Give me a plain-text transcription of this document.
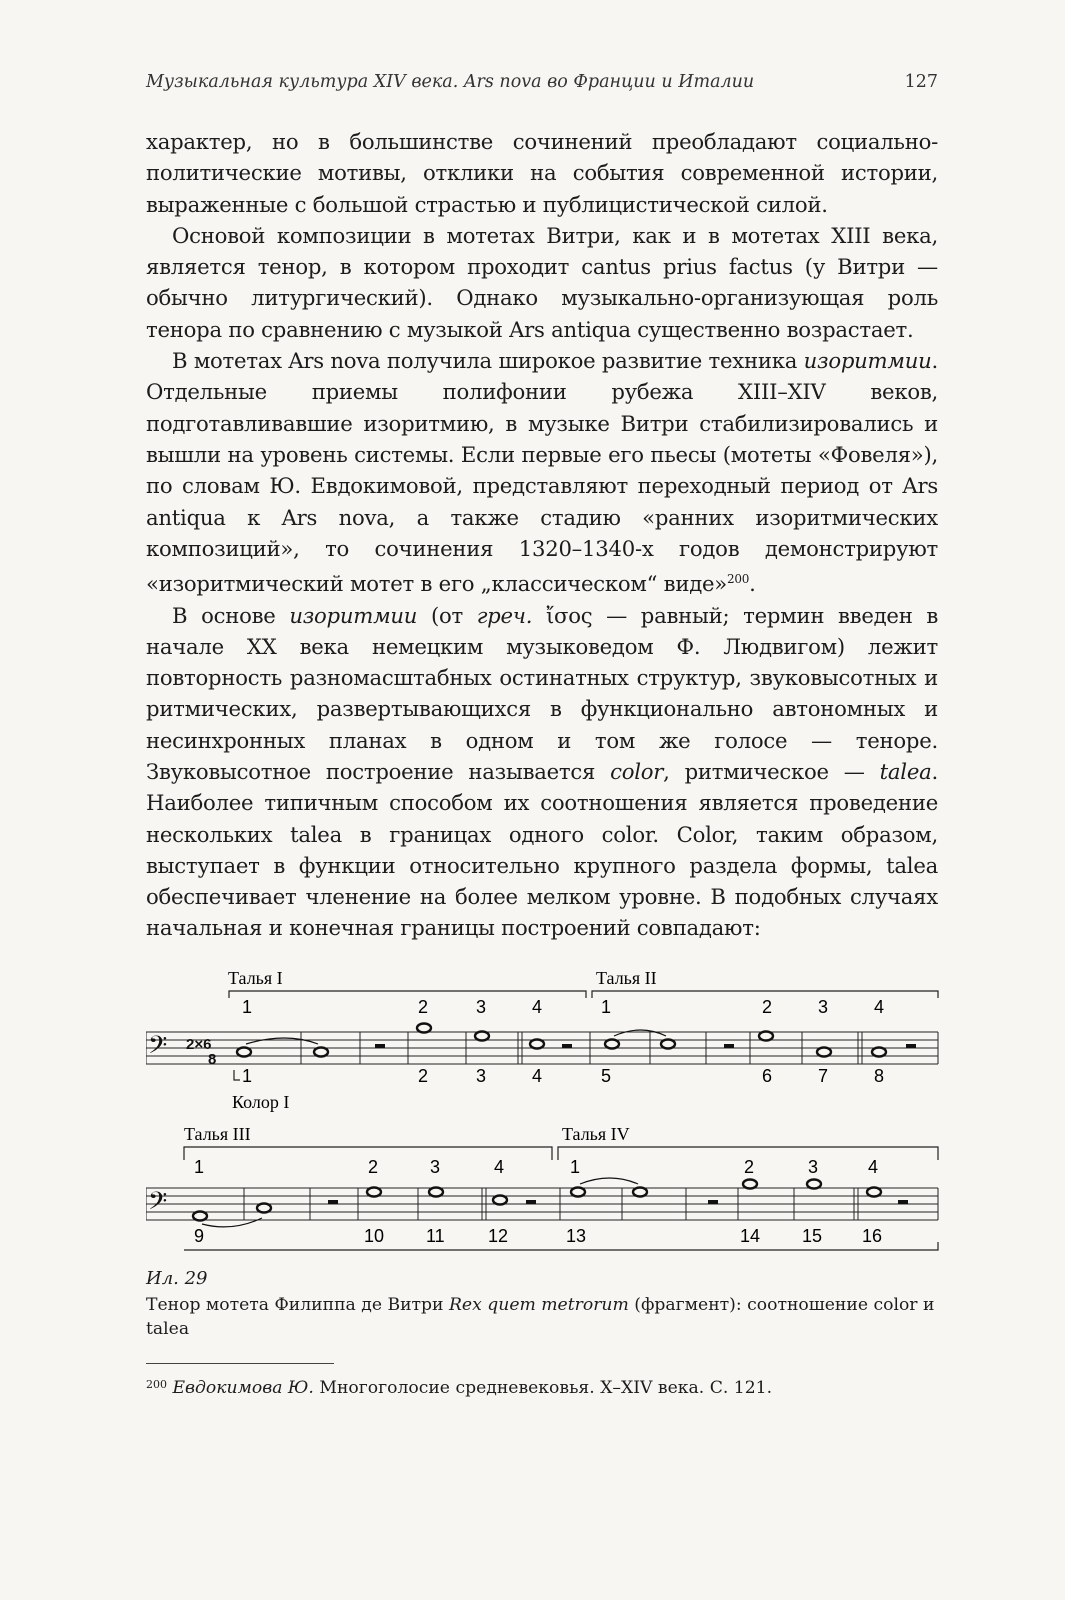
Музыкальная культура XIV века. Ars nova во Франции и Италии	127

характер, но в большинстве сочинений преобладают социально-политические мотивы, отклики на события современной истории, выраженные с большой страстью и публицистической силой.

Основой композиции в мотетах Витри, как и в мотетах XIII века, является тенор, в котором проходит cantus prius factus (у Витри — обычно литургический). Однако музыкально-организующая роль тенора по сравнению с музыкой Ars antiqua существенно возрастает.

В мотетах Ars nova получила широкое развитие техника изоритмии. Отдельные приемы полифонии рубежа XIII–XIV веков, подготавливавшие изоритмию, в музыке Витри стабилизировались и вышли на уровень системы. Если первые его пьесы (мотеты «Фовеля»), по словам Ю. Евдокимовой, представляют переходный период от Ars antiqua к Ars nova, а также стадию «ранних изоритмических композиций», то сочинения 1320–1340-х годов демонстрируют «изоритмический мотет в его „классическом“ виде»$^{200}$.

В основе изоритмии (от греч. ἴσος — равный; термин введен в начале XX века немецким музыковедом Ф. Людвигом) лежит повторность разномасштабных остинатных структур, звуковысотных и ритмических, развертывающихся в функционально автономных и несинхронных планах в одном и том же голосе — теноре. Звуковысотное построение называется color, ритмическое — talea. Наиболее типичным способом их соотношения является проведение нескольких talea в границах одного color. Color, таким образом, выступает в функции относительно крупного раздела формы, talea обеспечивает членение на более мелком уровне. В подобных случаях начальная и конечная границы построений совпадают:

Талья I	Талья II
1	2	3	4	1	2	3	4
𝄢 2×6
8
1	2	3	4	5	6	7	8
Колор I
Талья III	Талья IV
1	2	3	4	1	2	3	4
𝄢
9	10 11 12	13	14 15 16
Ил. 29
Тенор мотета Филиппа де Витри Rex quem metrorum (фрагмент): соотношение color и talea
$^{200}$ Евдокимова Ю. Многоголосие средневековья. X–XIV века. С. 121.
